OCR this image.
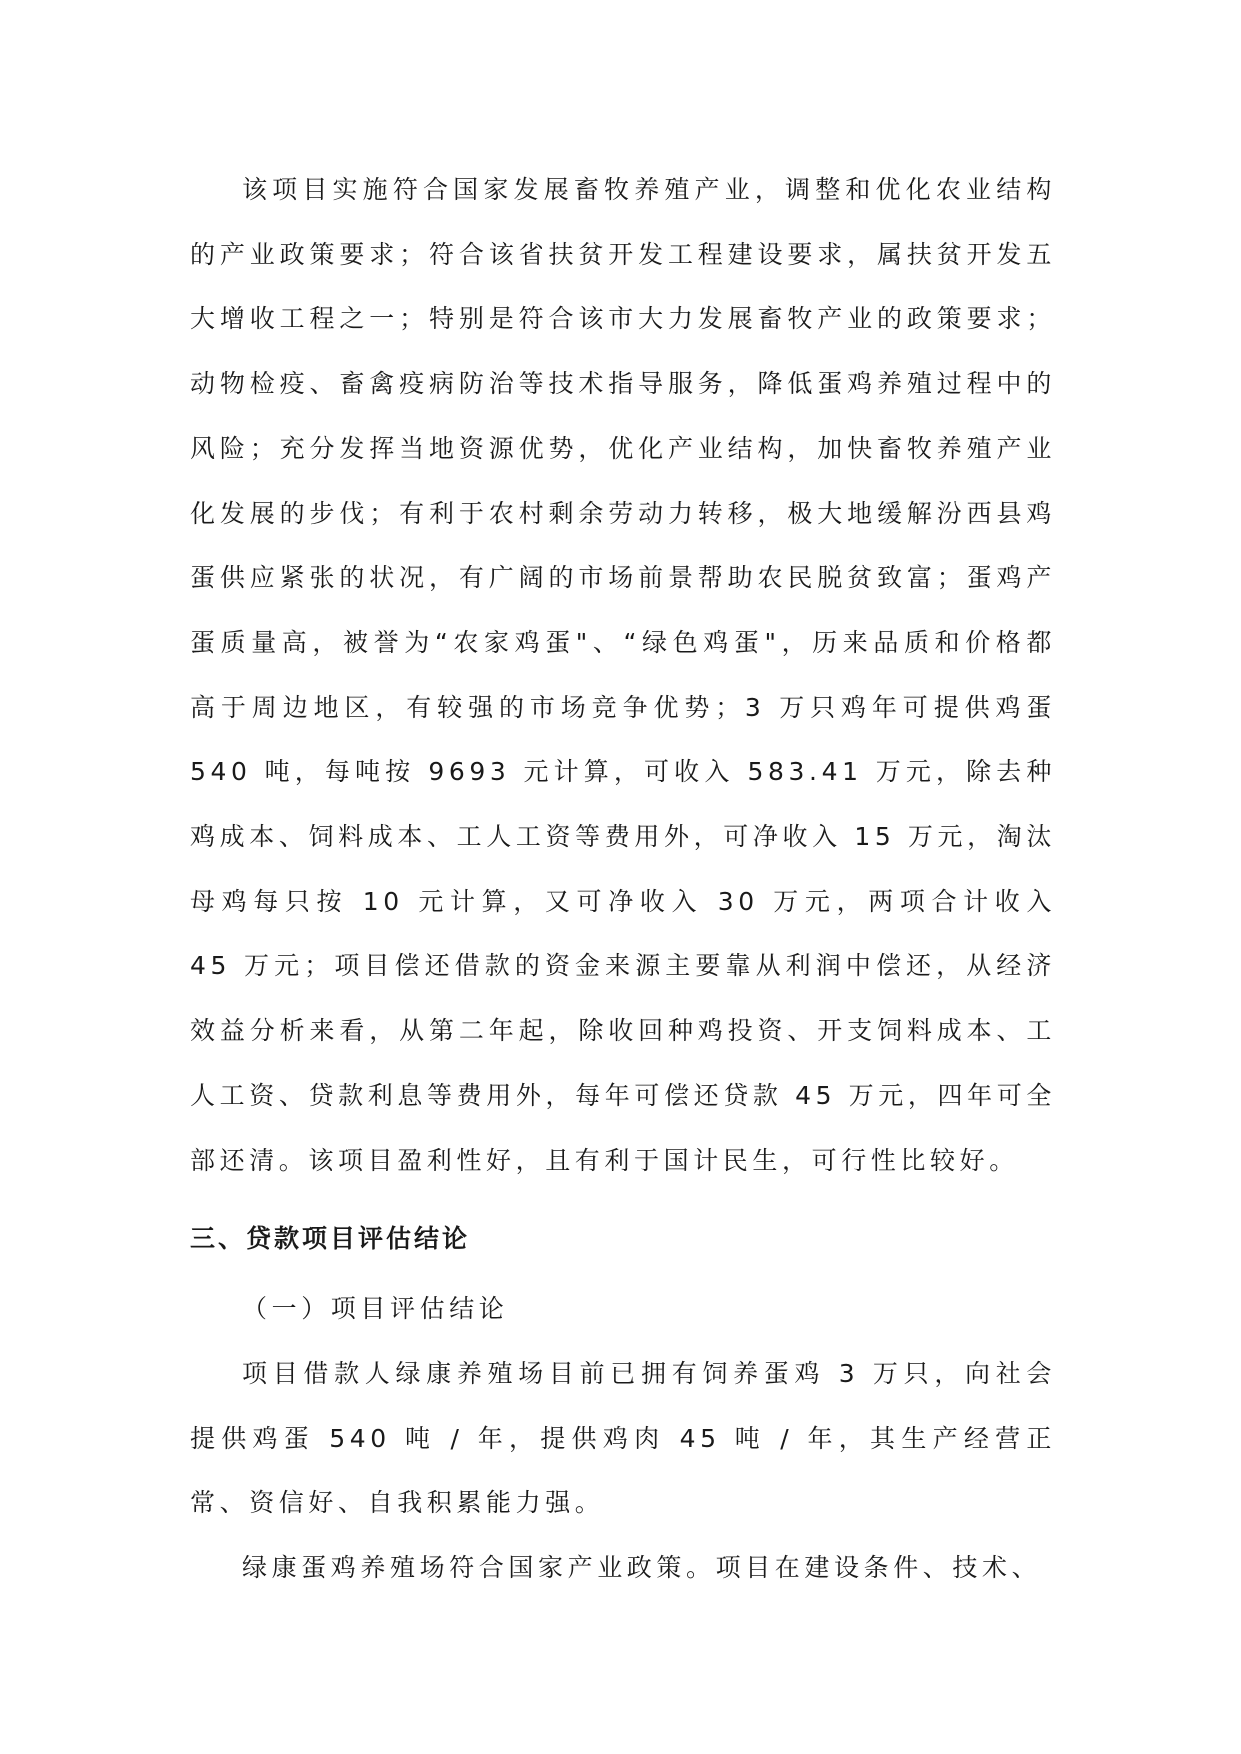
该项目实施符合国家发展畜牧养殖产业，调整和优化农业结构的产业政策要求；符合该省扶贫开发工程建设要求，属扶贫开发五大增收工程之一；特别是符合该市大力发展畜牧产业的政策要求；动物检疫、畜禽疫病防治等技术指导服务，降低蛋鸡养殖过程中的风险；充分发挥当地资源优势，优化产业结构，加快畜牧养殖产业化发展的步伐；有利于农村剩余劳动力转移，极大地缓解汾西县鸡蛋供应紧张的状况，有广阔的市场前景帮助农民脱贫致富；蛋鸡产蛋质量高，被誉为“农家鸡蛋"、“绿色鸡蛋"，历来品质和价格都高于周边地区，有较强的市场竞争优势；3 万只鸡年可提供鸡蛋 540 吨，每吨按 9693 元计算，可收入 583.41 万元，除去种鸡成本、饲料成本、工人工资等费用外，可净收入 15 万元，淘汰母鸡每只按 10 元计算，又可净收入 30 万元，两项合计收入 45 万元；项目偿还借款的资金来源主要靠从利润中偿还，从经济效益分析来看，从第二年起，除收回种鸡投资、开支饲料成本、工人工资、贷款利息等费用外，每年可偿还贷款 45 万元，四年可全部还清。该项目盈利性好，且有利于国计民生，可行性比较好。

三、贷款项目评估结论

（一）项目评估结论

项目借款人绿康养殖场目前已拥有饲养蛋鸡 3 万只，向社会提供鸡蛋 540 吨 / 年，提供鸡肉 45 吨 / 年，其生产经营正常、资信好、自我积累能力强。

绿康蛋鸡养殖场符合国家产业政策。项目在建设条件、技术、
